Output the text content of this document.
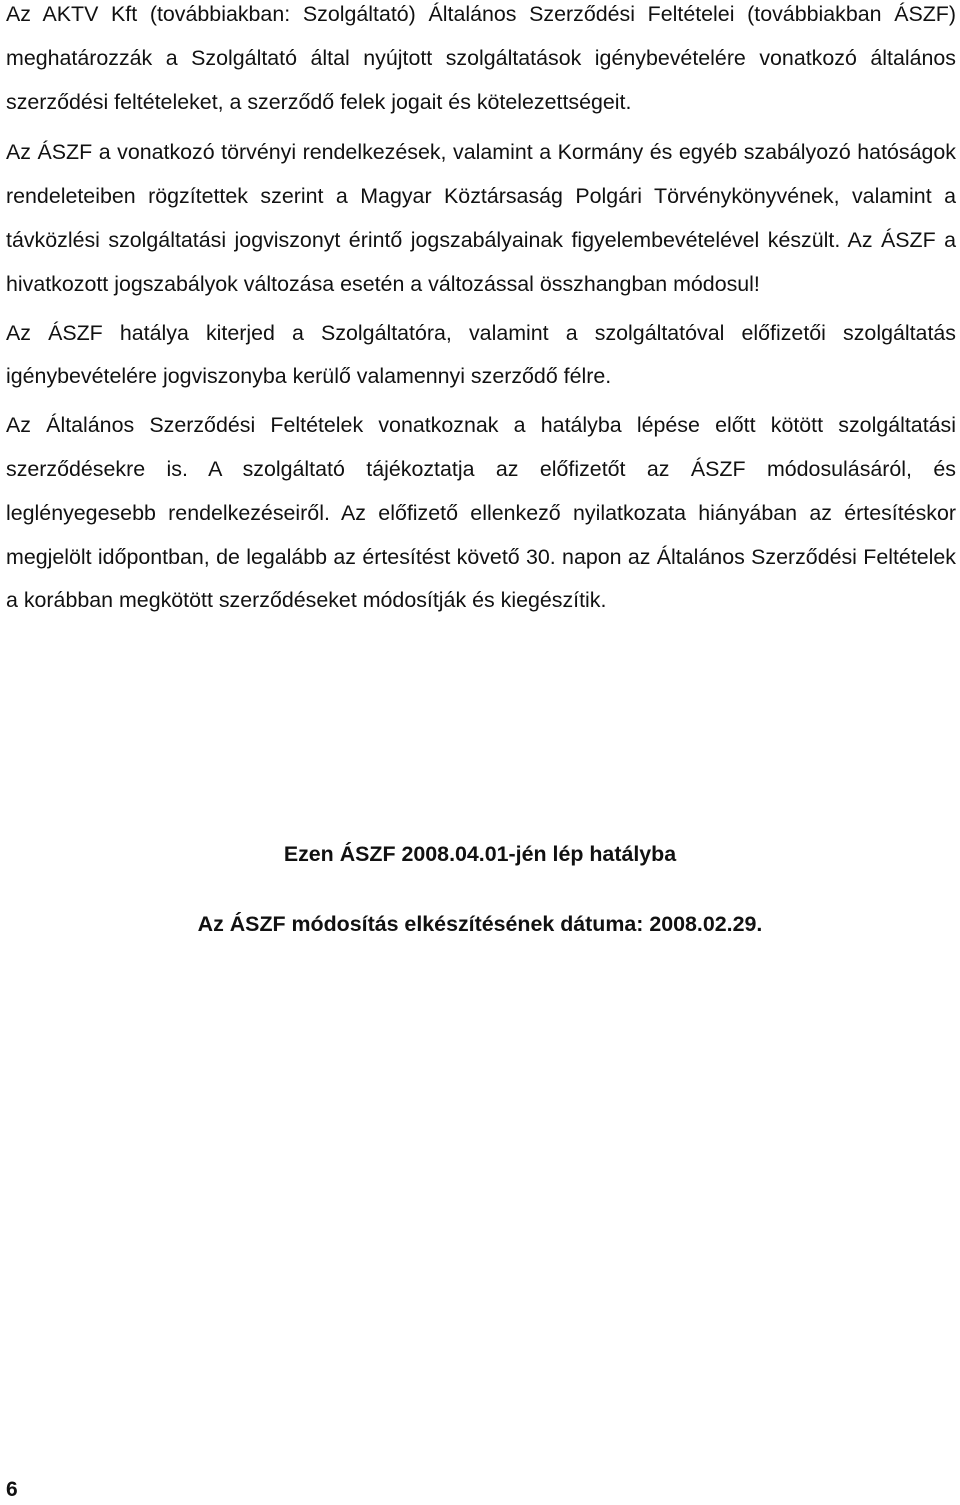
Az AKTV Kft (továbbiakban: Szolgáltató) Általános Szerződési Feltételei (továbbiakban ÁSZF) meghatározzák a Szolgáltató által nyújtott szolgáltatások igénybevételére vonatkozó általános szerződési feltételeket, a szerződő felek jogait és kötelezettségeit.

Az ÁSZF a vonatkozó törvényi rendelkezések, valamint a Kormány és egyéb szabályozó hatóságok rendeleteiben rögzítettek szerint a Magyar Köztársaság Polgári Törvénykönyvének, valamint a távközlési szolgáltatási jogviszonyt érintő jogszabályainak figyelembevételével készült. Az ÁSZF a hivatkozott jogszabályok változása esetén a változással összhangban módosul!

Az ÁSZF hatálya kiterjed a Szolgáltatóra, valamint a szolgáltatóval előfizetői szolgáltatás igénybevételére jogviszonyba kerülő valamennyi szerződő félre.

Az Általános Szerződési Feltételek vonatkoznak a hatályba lépése előtt kötött szolgáltatási szerződésekre is. A szolgáltató tájékoztatja az előfizetőt az ÁSZF módosulásáról, és leglényegesebb rendelkezéseiről. Az előfizető ellenkező nyilatkozata hiányában az értesítéskor megjelölt időpontban, de legalább az értesítést követő 30. napon az Általános Szerződési Feltételek a korábban megkötött szerződéseket módosítják és kiegészítik.

Ezen ÁSZF 2008.04.01-jén lép hatályba

Az ÁSZF módosítás elkészítésének dátuma: 2008.02.29.

6
